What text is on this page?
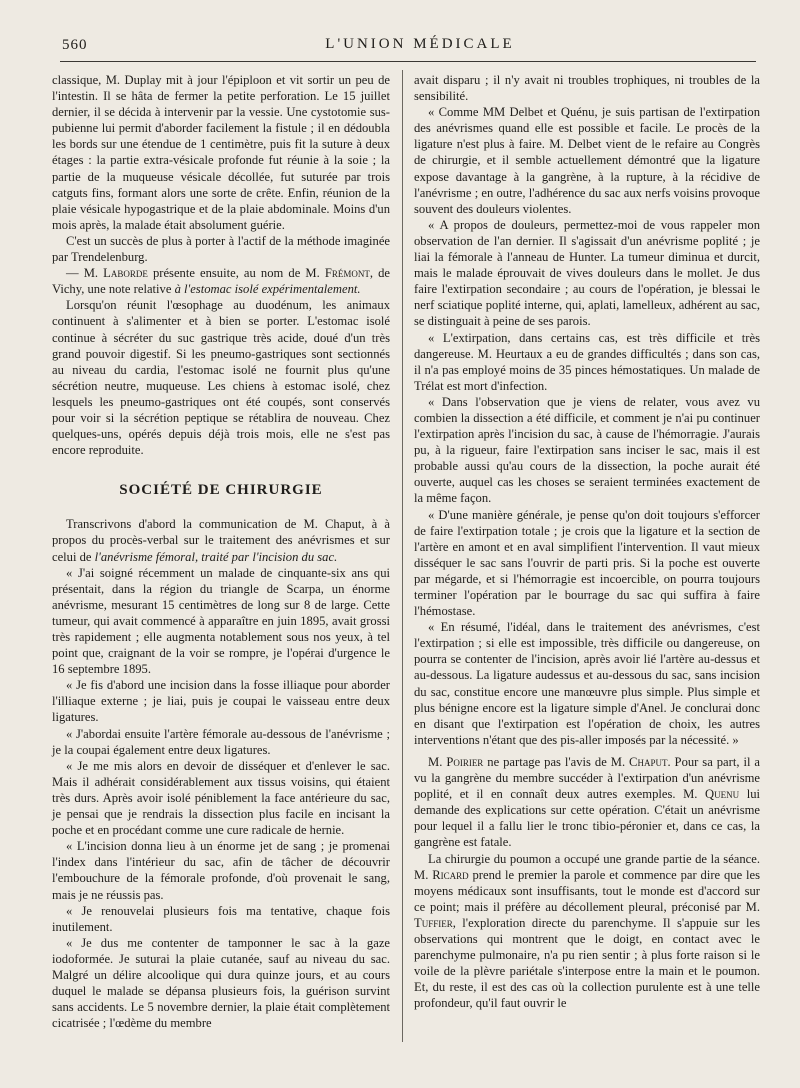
560	L'UNION MÉDICALE

classique, M. Duplay mit à jour l'épiploon et vit sortir un peu de l'intestin. Il se hâta de fermer la petite perforation. Le 15 juillet dernier, il se décida à intervenir par la vessie. Une cystotomie sus-pubienne lui permit d'aborder facilement la fistule ; il en dédoubla les bords sur une étendue de 1 centimètre, puis fit la suture à deux étages : la partie extra-vésicale profonde fut réunie à la soie ; la partie de la muqueuse vésicale décollée, fut suturée par trois catguts fins, formant alors une sorte de crête. Enfin, réunion de la plaie vésicale hypogastrique et de la plaie abdominale. Moins d'un mois après, la malade était absolument guérie.

C'est un succès de plus à porter à l'actif de la méthode imaginée par Trendelenburg.

— M. Laborde présente ensuite, au nom de M. Frémont, de Vichy, une note relative à l'estomac isolé expérimentalement.

Lorsqu'on réunit l'œsophage au duodénum, les animaux continuent à s'alimenter et à bien se porter. L'estomac isolé continue à sécréter du suc gastrique très acide, doué d'un très grand pouvoir digestif. Si les pneumo-gastriques sont sectionnés au niveau du cardia, l'estomac isolé ne fournit plus qu'une sécrétion neutre, muqueuse. Les chiens à estomac isolé, chez lesquels les pneumo-gastriques ont été coupés, sont conservés pour voir si la sécrétion peptique se rétablira de nouveau. Chez quelques-uns, opérés depuis déjà trois mois, elle ne s'est pas encore reproduite.

SOCIÉTÉ DE CHIRURGIE

Transcrivons d'abord la communication de M. Chaput, à à propos du procès-verbal sur le traitement des anévrismes et sur celui de l'anévrisme fémoral, traité par l'incision du sac.

« J'ai soigné récemment un malade de cinquante-six ans qui présentait, dans la région du triangle de Scarpa, un énorme anévrisme, mesurant 15 centimètres de long sur 8 de large. Cette tumeur, qui avait commencé à apparaître en juin 1895, avait grossi très rapidement ; elle augmenta notablement sous nos yeux, à tel point que, craignant de la voir se rompre, je l'opérai d'urgence le 16 septembre 1895.

« Je fis d'abord une incision dans la fosse illiaque pour aborder l'illiaque externe ; je liai, puis je coupai le vaisseau entre deux ligatures.

« J'abordai ensuite l'artère fémorale au-dessous de l'anévrisme ; je la coupai également entre deux ligatures.

« Je me mis alors en devoir de disséquer et d'enlever le sac. Mais il adhérait considérablement aux tissus voisins, qui étaient très durs. Après avoir isolé péniblement la face antérieure du sac, je pensai que je rendrais la dissection plus facile en incisant la poche et en procédant comme une cure radicale de hernie.

« L'incision donna lieu à un énorme jet de sang ; je promenai l'index dans l'intérieur du sac, afin de tâcher de découvrir l'embouchure de la fémorale profonde, d'où provenait le sang, mais je ne réussis pas.

« Je renouvelai plusieurs fois ma tentative, chaque fois inutilement.

« Je dus me contenter de tamponner le sac à la gaze iodoformée. Je suturai la plaie cutanée, sauf au niveau du sac. Malgré un délire alcoolique qui dura quinze jours, et au cours duquel le malade se dépansa plusieurs fois, la guérison survint sans accidents. Le 5 novembre dernier, la plaie était complètement cicatrisée ; l'œdème du membre

avait disparu ; il n'y avait ni troubles trophiques, ni troubles de la sensibilité.

« Comme MM Delbet et Quénu, je suis partisan de l'extirpation des anévrismes quand elle est possible et facile. Le procès de la ligature n'est plus à faire. M. Delbet vient de le refaire au Congrès de chirurgie, et il semble actuellement démontré que la ligature expose davantage à la gangrène, à la rupture, à la récidive de l'anévrisme ; en outre, l'adhérence du sac aux nerfs voisins provoque souvent des douleurs violentes.

« A propos de douleurs, permettez-moi de vous rappeler mon observation de l'an dernier. Il s'agissait d'un anévrisme poplité ; je liai la fémorale à l'anneau de Hunter. La tumeur diminua et durcit, mais le malade éprouvait de vives douleurs dans le mollet. Je dus faire l'extirpation secondaire ; au cours de l'opération, je blessai le nerf sciatique poplité interne, qui, aplati, lamelleux, adhérent au sac, se distinguait à peine de ses parois.

« L'extirpation, dans certains cas, est très difficile et très dangereuse. M. Heurtaux a eu de grandes difficultés ; dans son cas, il n'a pas employé moins de 35 pinces hémostatiques. Un malade de Trélat est mort d'infection.

« Dans l'observation que je viens de relater, vous avez vu combien la dissection a été difficile, et comment je n'ai pu continuer l'extirpation après l'incision du sac, à cause de l'hémorragie. J'aurais pu, à la rigueur, faire l'extirpation sans inciser le sac, mais il est probable aussi qu'au cours de la dissection, la poche aurait été ouverte, auquel cas les choses se seraient terminées exactement de la même façon.

« D'une manière générale, je pense qu'on doit toujours s'efforcer de faire l'extirpation totale ; je crois que la ligature et la section de l'artère en amont et en aval simplifient l'intervention. Il vaut mieux disséquer le sac sans l'ouvrir de parti pris. Si la poche est ouverte par mégarde, et si l'hémorragie est incoercible, on pourra toujours terminer l'opération par le bourrage du sac qui suffira à faire l'hémostase.

« En résumé, l'idéal, dans le traitement des anévrismes, c'est l'extirpation ; si elle est impossible, très difficile ou dangereuse, on pourra se contenter de l'incision, après avoir lié l'artère au-dessus et au-dessous. La ligature audessus et au-dessous du sac, sans incision du sac, constitue encore une manœuvre plus simple. Plus simple et plus bénigne encore est la ligature simple d'Anel. Je conclurai donc en disant que l'extirpation est l'opération de choix, les autres interventions n'étant que des pis-aller imposés par la nécessité. »

M. Poirier ne partage pas l'avis de M. Chaput. Pour sa part, il a vu la gangrène du membre succéder à l'extirpation d'un anévrisme poplité, et il en connaît deux autres exemples. M. Quenu lui demande des explications sur cette opération. C'était un anévrisme pour lequel il a fallu lier le tronc tibio-péronier et, dans ce cas, la gangrène est fatale.

La chirurgie du poumon a occupé une grande partie de la séance. M. Ricard prend le premier la parole et commence par dire que les moyens médicaux sont insuffisants, tout le monde est d'accord sur ce point; mais il préfère au décollement pleural, préconisé par M. Tuffier, l'exploration directe du parenchyme. Il s'appuie sur les observations qui montrent que le doigt, en contact avec le parenchyme pulmonaire, n'a pu rien sentir ; à plus forte raison si le voile de la plèvre pariétale s'interpose entre la main et le poumon. Et, du reste, il est des cas où la collection purulente est à une telle profondeur, qu'il faut ouvrir le
